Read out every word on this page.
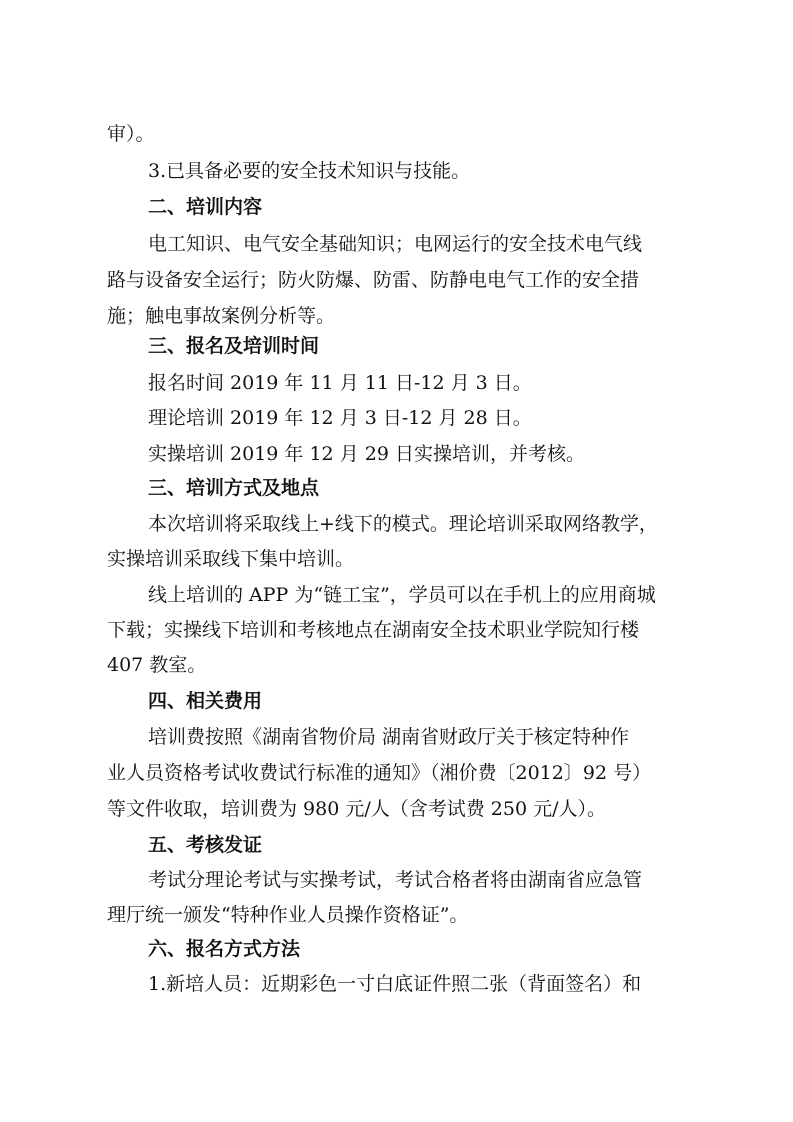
审）。
3.已具备必要的安全技术知识与技能。
二、培训内容
电工知识、电气安全基础知识；电网运行的安全技术电气线
路与设备安全运行；防火防爆、防雷、防静电电气工作的安全措
施；触电事故案例分析等。
三、报名及培训时间
报名时间 2019 年 11 月 11 日-12 月 3 日。
理论培训 2019 年 12 月 3 日-12 月 28 日。
实操培训 2019 年 12 月 29 日实操培训，并考核。
三、培训方式及地点
本次培训将采取线上+线下的模式。理论培训采取网络教学，
实操培训采取线下集中培训。
线上培训的 APP 为“链工宝”，学员可以在手机上的应用商城
下载；实操线下培训和考核地点在湖南安全技术职业学院知行楼
407 教室。
四、相关费用
培训费按照《湖南省物价局 湖南省财政厅关于核定特种作
业人员资格考试收费试行标准的通知》（湘价费〔2012〕92 号）
等文件收取，培训费为 980 元/人（含考试费 250 元/人）。
五、考核发证
考试分理论考试与实操考试，考试合格者将由湖南省应急管
理厅统一颁发“特种作业人员操作资格证”。
六、报名方式方法
1.新培人员：近期彩色一寸白底证件照二张（背面签名）和
